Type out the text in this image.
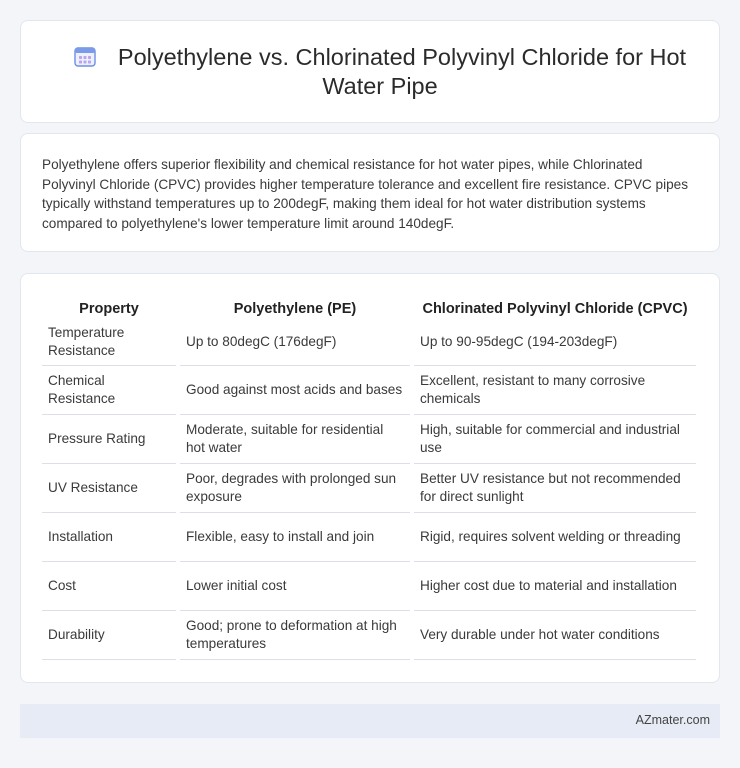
Polyethylene vs. Chlorinated Polyvinyl Chloride for Hot Water Pipe

Polyethylene offers superior flexibility and chemical resistance for hot water pipes, while Chlorinated Polyvinyl Chloride (CPVC) provides higher temperature tolerance and excellent fire resistance. CPVC pipes typically withstand temperatures up to 200degF, making them ideal for hot water distribution systems compared to polyethylene's lower temperature limit around 140degF.

Property	Polyethylene (PE)	Chlorinated Polyvinyl Chloride (CPVC)
Temperature Resistance	Up to 80degC (176degF)	Up to 90-95degC (194-203degF)
Chemical Resistance	Good against most acids and bases	Excellent, resistant to many corrosive chemicals
Pressure Rating	Moderate, suitable for residential hot water	High, suitable for commercial and industrial use
UV Resistance	Poor, degrades with prolonged sun exposure	Better UV resistance but not recommended for direct sunlight
Installation	Flexible, easy to install and join	Rigid, requires solvent welding or threading
Cost	Lower initial cost	Higher cost due to material and installation
Durability	Good; prone to deformation at high temperatures	Very durable under hot water conditions
AZmater.com
